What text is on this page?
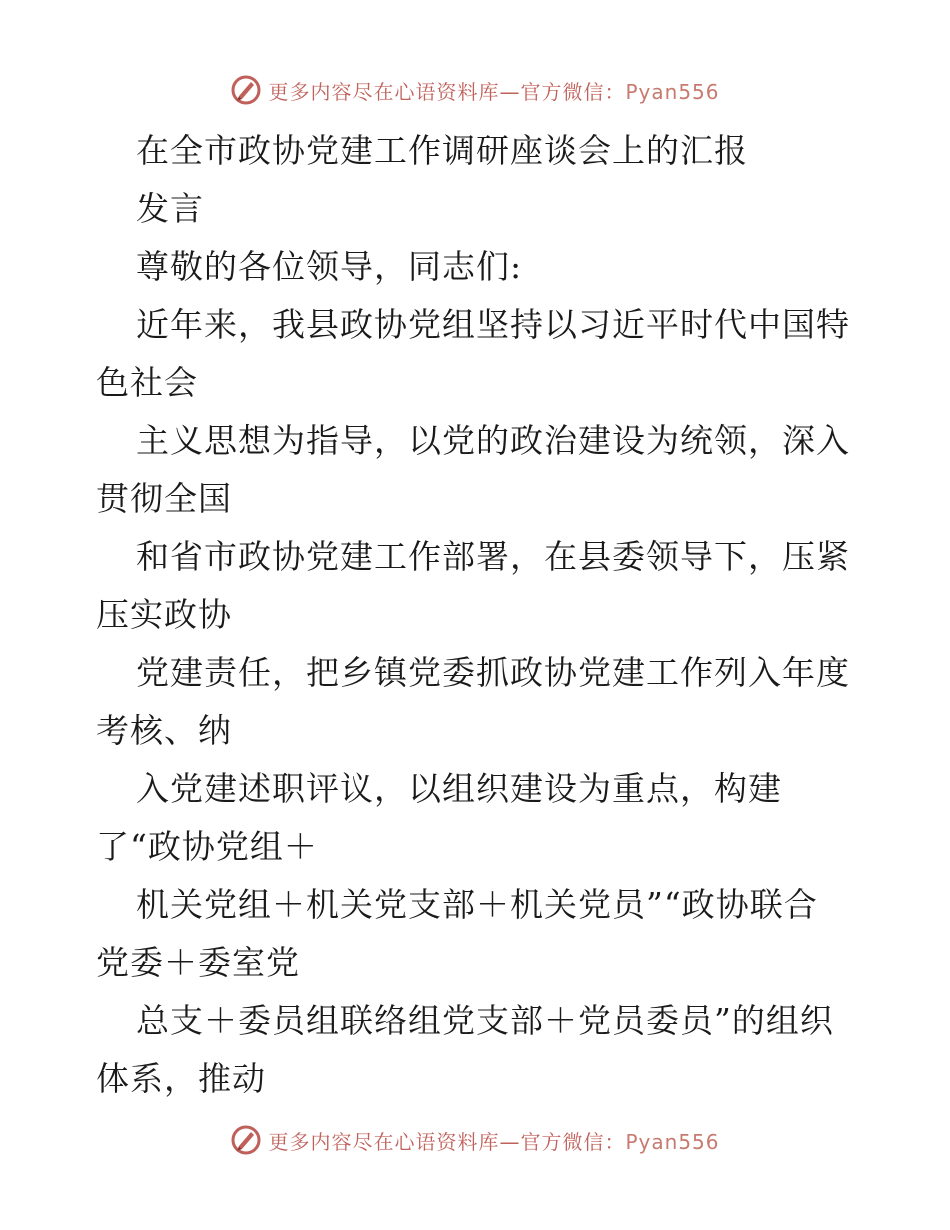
更多内容尽在心语资料库—官方微信：Pyan556
在全市政协党建工作调研座谈会上的汇报
发言
尊敬的各位领导，同志们:
近年来，我县政协党组坚持以习近平时代中国特
色社会
主义思想为指导，以党的政治建设为统领，深入
贯彻全国
和省市政协党建工作部署，在县委领导下，压紧
压实政协
党建责任，把乡镇党委抓政协党建工作列入年度
考核、纳
入党建述职评议，以组织建设为重点，构建
了“政协党组＋
机关党组＋机关党支部＋机关党员”“政协联合
党委＋委室党
总支＋委员组联络组党支部＋党员委员”的组织
体系，推动
更多内容尽在心语资料库—官方微信：Pyan556
